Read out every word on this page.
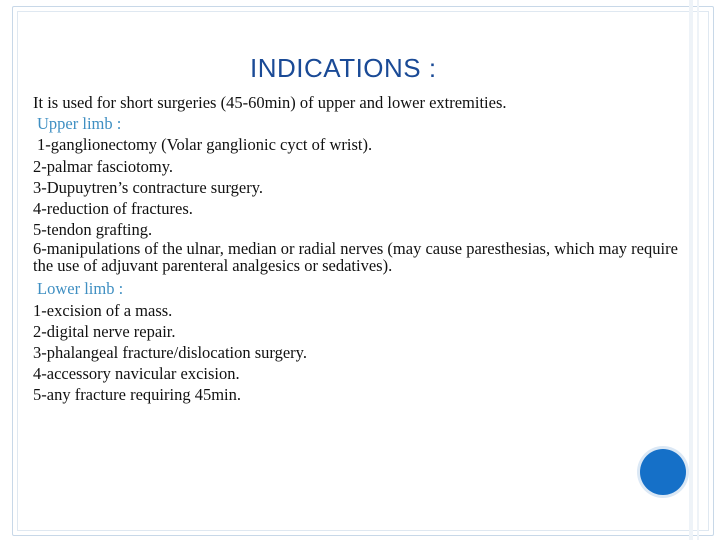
INDICATIONS :
It is used for short surgeries (45-60min) of upper and lower extremities.
Upper limb :
1-ganglionectomy (Volar ganglionic cyct of wrist).
2-palmar fasciotomy.
3-Dupuytren’s contracture surgery.
4-reduction of fractures.
5-tendon grafting.
6-manipulations of the ulnar, median or radial nerves (may cause paresthesias, which may require the use of adjuvant parenteral analgesics or sedatives).
Lower limb :
1-excision of a mass.
2-digital nerve repair.
3-phalangeal fracture/dislocation surgery.
4-accessory navicular excision.
5-any fracture requiring 45min.
